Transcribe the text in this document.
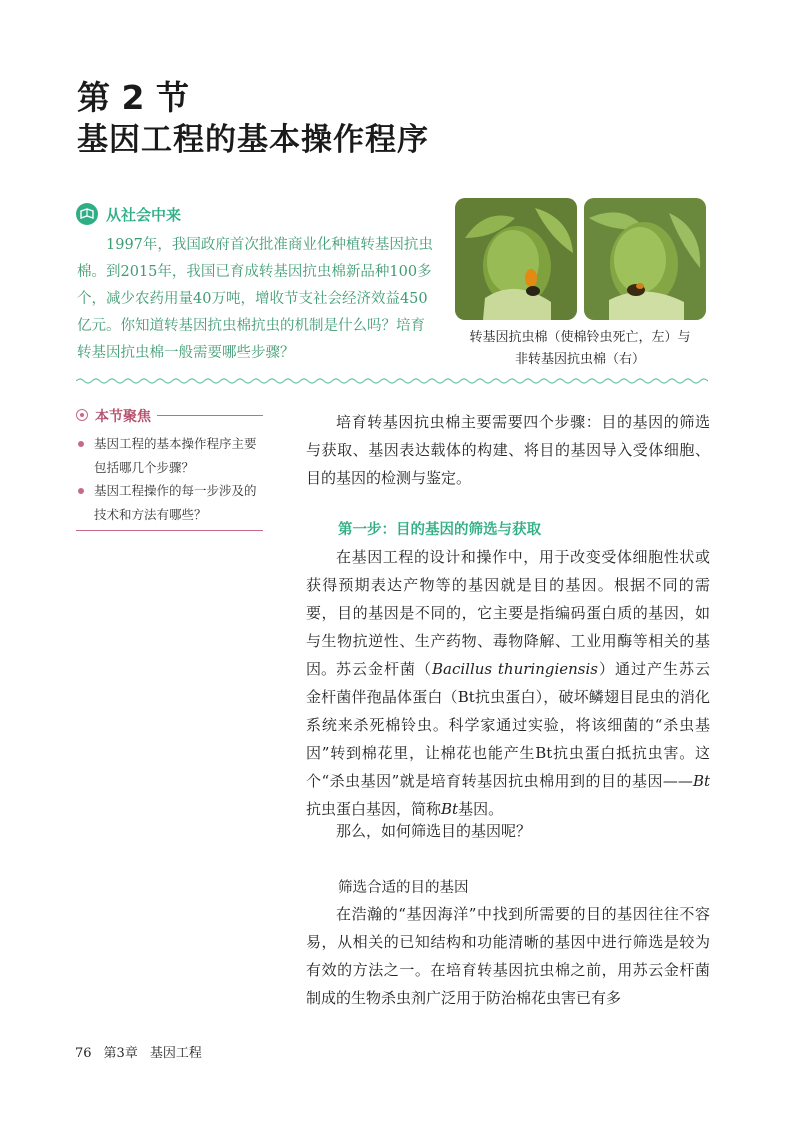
第 2 节
基因工程的基本操作程序
从社会中来
1997年，我国政府首次批准商业化种植转基因抗虫棉。到2015年，我国已育成转基因抗虫棉新品种100多个，减少农药用量40万吨，增收节支社会经济效益450亿元。你知道转基因抗虫棉抗虫的机制是什么吗？培育转基因抗虫棉一般需要哪些步骤？
转基因抗虫棉（使棉铃虫死亡，左）与
非转基因抗虫棉（右）
本节聚焦
基因工程的基本操作程序主要包括哪几个步骤？
基因工程操作的每一步涉及的技术和方法有哪些？

培育转基因抗虫棉主要需要四个步骤：目的基因的筛选与获取、基因表达载体的构建、将目的基因导入受体细胞、目的基因的检测与鉴定。

第一步：目的基因的筛选与获取

在基因工程的设计和操作中，用于改变受体细胞性状或获得预期表达产物等的基因就是目的基因。根据不同的需要，目的基因是不同的，它主要是指编码蛋白质的基因，如与生物抗逆性、生产药物、毒物降解、工业用酶等相关的基因。 苏云金杆菌（Bacillus thuringiensis）通过产生苏云金杆菌伴孢晶体蛋白（Bt抗虫蛋白），破坏鳞翅目昆虫的消化系统来杀死棉铃虫。科学家通过实验，将该细菌的“杀虫基因”转到棉花里，让棉花也能产生Bt抗虫蛋白抵抗虫害。这个“杀虫基因”就是培育转基因抗虫棉用到的目的基因——Bt抗虫蛋白基因，简称Bt基因。

那么，如何筛选目的基因呢？

筛选合适的目的基因

在浩瀚的“基因海洋”中找到所需要的目的基因往往不容易，从相关的已知结构和功能清晰的基因中进行筛选是较为有效的方法之一。在培育转基因抗虫棉之前，用苏云金杆菌制成的生物杀虫剂广泛用于防治棉花虫害已有多

76 第3章 基因工程
